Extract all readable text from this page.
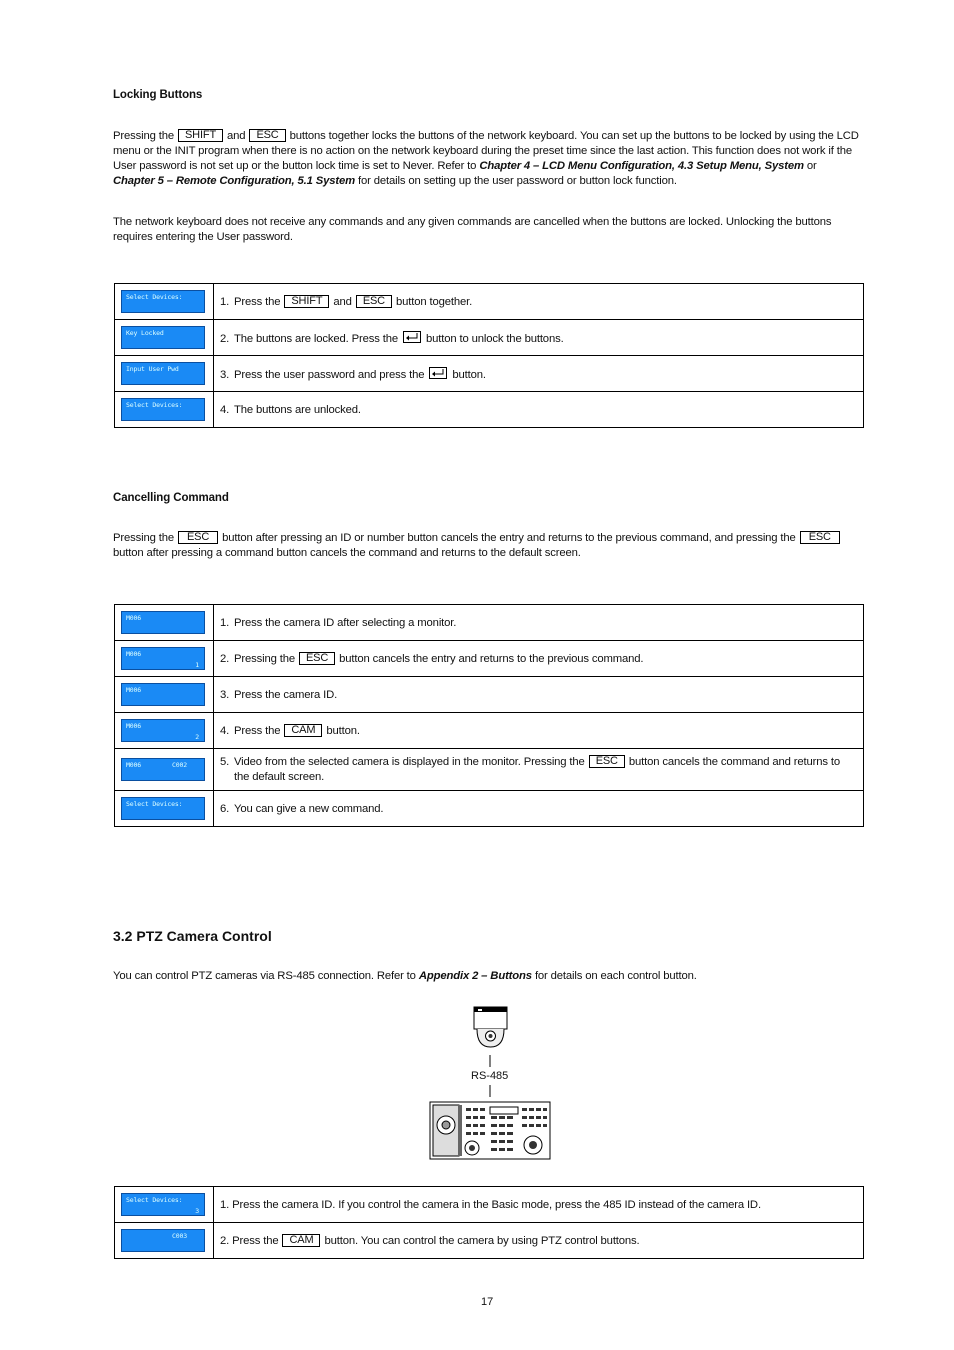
Locking Buttons
Pressing the SHIFT and ESC buttons together locks the buttons of the network keyboard. You can set up the buttons to be locked by using the LCD menu or the INIT program when there is no action on the network keyboard during the preset time since the last action. This function does not work if the User password is not set up or the button lock time is set to Never. Refer to Chapter 4 – LCD Menu Configuration, 4.3 Setup Menu, System or
Chapter 5 – Remote Configuration, 5.1 System for details on setting up the user password or button lock function.
The network keyboard does not receive any commands and any given commands are cancelled when the buttons are locked. Unlocking the buttons requires entering the User password.
Select Devices:	1. Press the SHIFT and ESC button together.

Key Locked	2. The buttons are locked. Press the button to unlock the buttons.

Input User Pwd	3. Press the user password and press the button.

Select Devices:	4. The buttons are unlocked.
Cancelling Command
Pressing the ESC button after pressing an ID or number button cancels the entry and returns to the previous command, and pressing the ESCbutton after pressing a command button cancels the command and returns to the default screen.
M006	1. Press the camera ID after selecting a monitor.

M006
1	2. Pressing the ESC button cancels the entry and returns to the previous command.

M006	3. Press the camera ID.

M006
2	4. Press the CAM button.

M006 C002	5. Video from the selected camera is displayed in the monitor. Pressing the ESC button cancels the command and returns to
the default screen.

Select Devices:	6. You can give a new command.
3.2 PTZ Camera Control
You can control PTZ cameras via RS-485 connection. Refer to Appendix 2 – Buttons for details on each control button.
RS-485
Select Devices:
3	1. Press the camera ID. If you control the camera in the Basic mode, press the 485 ID instead of the camera ID.

C003	2. Press the CAM button. You can control the camera by using PTZ control buttons.
17
